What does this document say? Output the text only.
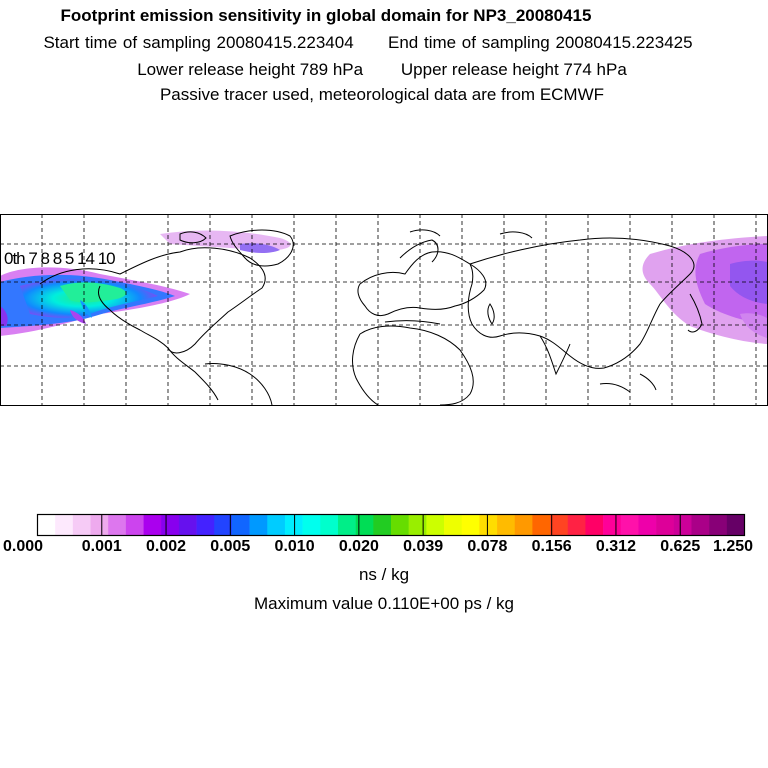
Footprint emission sensitivity in global domain for NP3_20080415
Start time of sampling 20080415.223404 End time of sampling 20080415.223425
Lower release height 789 hPa Upper release height 774 hPa
Passive tracer used, meteorological data are from ECMWF
0th 7 8 8 5 14 10
0.000 0.001 0.002 0.005 0.010 0.020 0.039 0.078 0.156 0.312 0.625 1.250
ns / kg
Maximum value 0.110E+00 ps / kg
